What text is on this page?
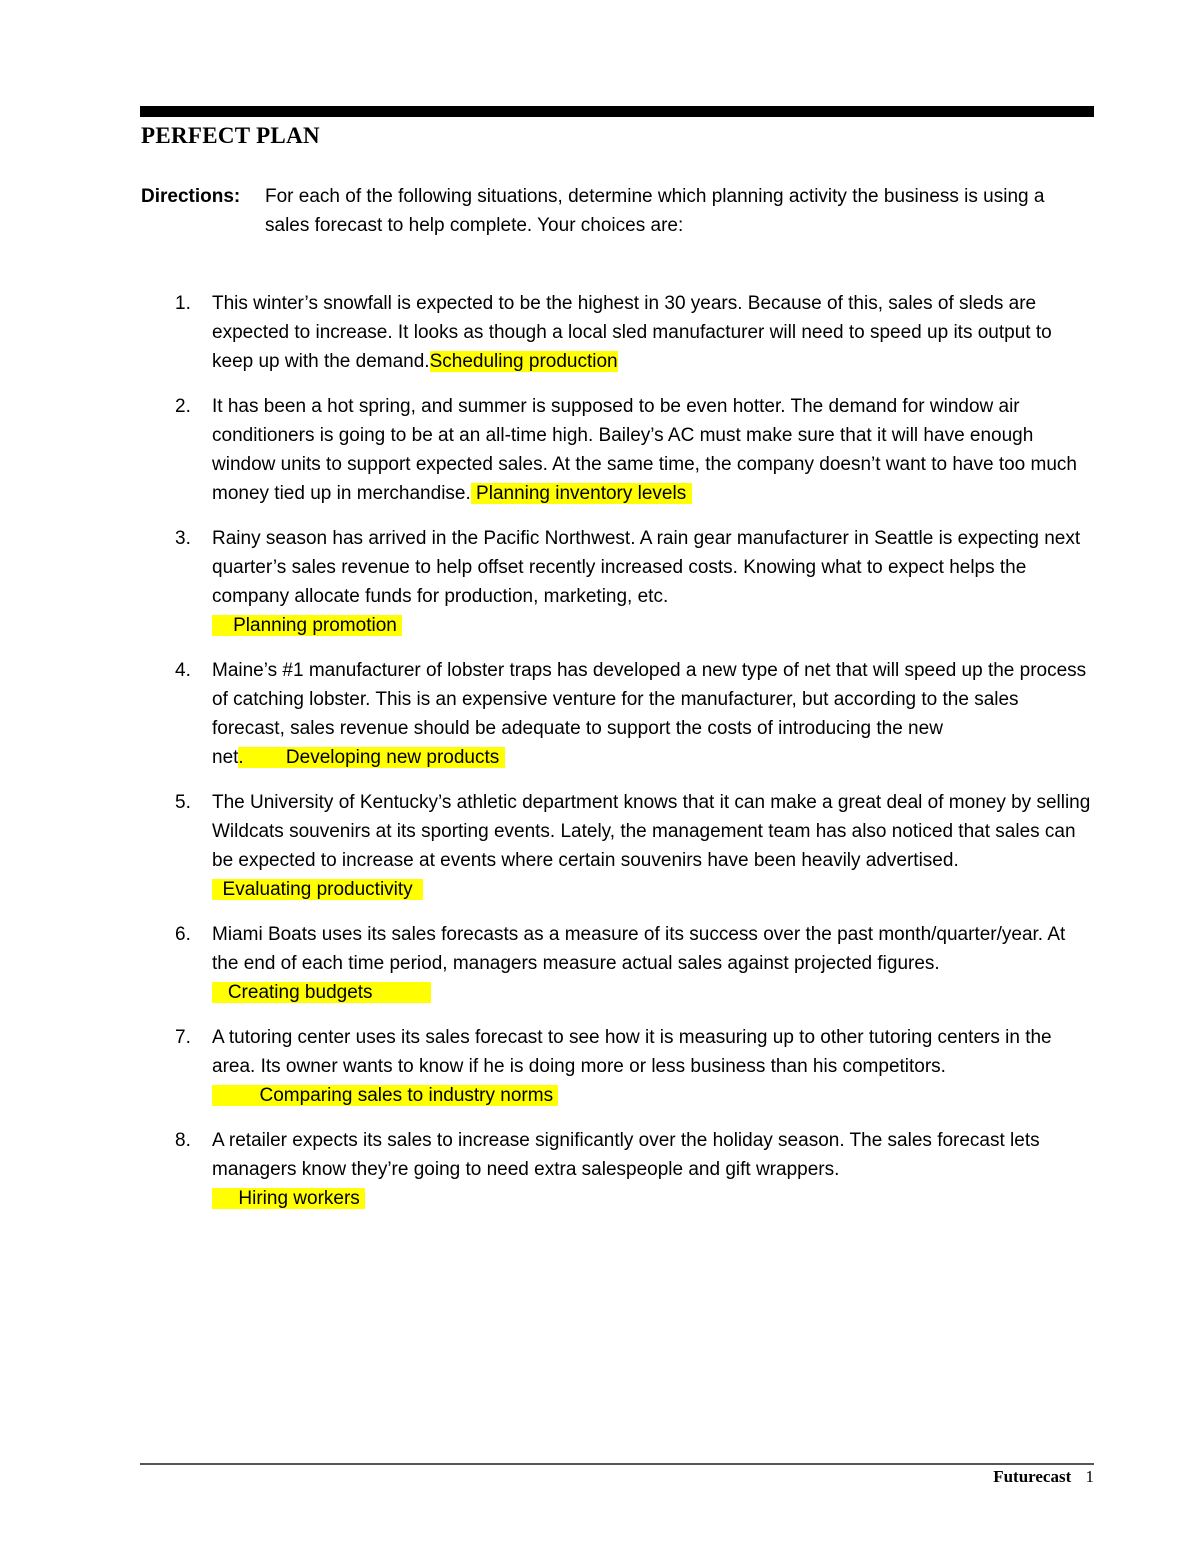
PERFECT PLAN
Directions: For each of the following situations, determine which planning activity the business is using a sales forecast to help complete. Your choices are:
1. This winter’s snowfall is expected to be the highest in 30 years. Because of this, sales of sleds are expected to increase. It looks as though a local sled manufacturer will need to speed up its output to keep up with the demand.Scheduling production
2. It has been a hot spring, and summer is supposed to be even hotter. The demand for window air conditioners is going to be at an all-time high. Bailey’s AC must make sure that it will have enough window units to support expected sales. At the same time, the company doesn’t want to have too much money tied up in merchandise. Planning inventory levels
3. Rainy season has arrived in the Pacific Northwest. A rain gear manufacturer in Seattle is expecting next quarter’s sales revenue to help offset recently increased costs. Knowing what to expect helps the company allocate funds for production, marketing, etc.
Planning promotion
4. Maine’s #1 manufacturer of lobster traps has developed a new type of net that will speed up the process of catching lobster. This is an expensive venture for the manufacturer, but according to the sales forecast, sales revenue should be adequate to support the costs of introducing the new net.        Developing new products
5. The University of Kentucky’s athletic department knows that it can make a great deal of money by selling Wildcats souvenirs at its sporting events. Lately, the management team has also noticed that sales can be expected to increase at events where certain souvenirs have been heavily advertised.  Evaluating productivity
6. Miami Boats uses its sales forecasts as a measure of its success over the past month/quarter/year. At the end of each time period, managers measure actual sales against projected figures.   Creating budgets
7. A tutoring center uses its sales forecast to see how it is measuring up to other tutoring centers in the area. Its owner wants to know if he is doing more or less business than his competitors.         Comparing sales to industry norms
8. A retailer expects its sales to increase significantly over the holiday season. The sales forecast lets managers know they’re going to need extra salespeople and gift wrappers.
Hiring workers
Futurecast 1
